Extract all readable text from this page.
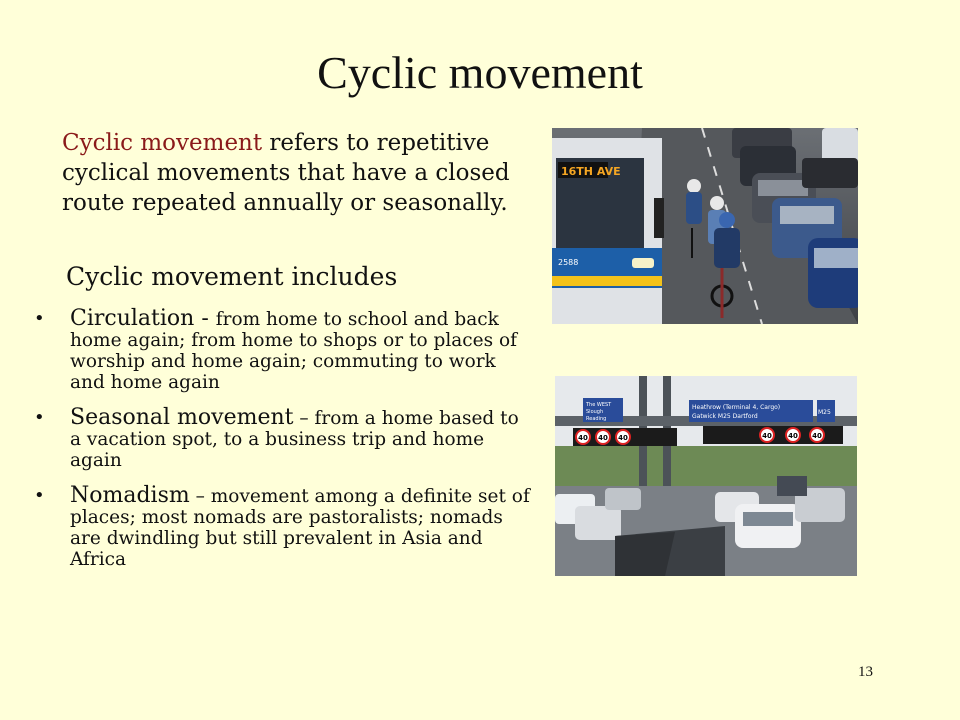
Cyclic movement
Cyclic movement refers to repetitive cyclical movements that have a closed route repeated annually or seasonally.
Cyclic movement includes
• Circulation - from home to school and back home again; from home to shops or to places of worship and home again; commuting to work and home again
• Seasonal movement – from a home based to a vacation spot, to a business trip and home again
• Nomadism – movement among a definite set of places; most nomads are pastoralists; nomads are dwindling but still prevalent in Asia and Africa
16TH AVE
2588
The WEST
Slough
Reading
Heathrow (Terminal 4, Cargo)
Gatwick M25 Dartford
M25
40 40 40	40 40 40
13
